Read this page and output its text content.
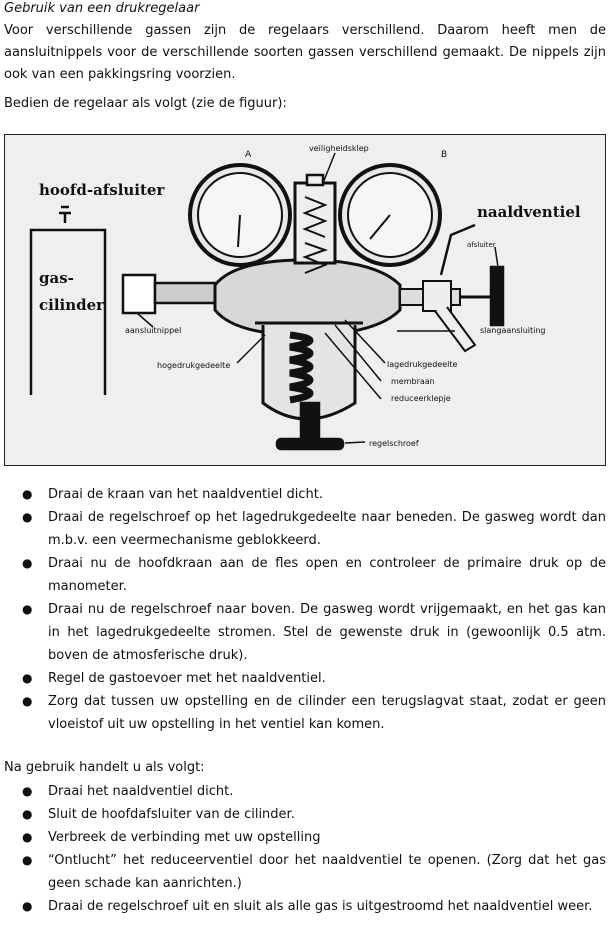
Gebruik van een drukregelaar

Voor verschillende gassen zijn de regelaars verschillend. Daarom heeft men de aansluitnippels voor de verschillende soorten gassen verschillend gemaakt. De nippels zijn ook van een pakkingsring voorzien.

Bedien de regelaar als volgt (zie de figuur):

A	B
veiligheidsklep
hoofd-afsluiter
naaldventiel
afsluiter
gas-
cilinder
aansluitnippel	slangaansluiting
hogedrukgedeelte	lagedrukgedeelte
membraan
reduceerklepje
regelschroef
● Draai de kraan van het naaldventiel dicht.
● Draai de regelschroef op het lagedrukgedeelte naar beneden. De gasweg wordt dan m.b.v. een veermechanisme geblokkeerd.
● Draai nu de hoofdkraan aan de fles open en controleer de primaire druk op de manometer.
● Draai nu de regelschroef naar boven. De gasweg wordt vrijgemaakt, en het gas kan in het lagedrukgedeelte stromen. Stel de gewenste druk in (gewoonlijk 0.5 atm. boven de atmosferische druk).
● Regel de gastoevoer met het naaldventiel.
● Zorg dat tussen uw opstelling en de cilinder een terugslagvat staat, zodat er geen vloeistof uit uw opstelling in het ventiel kan komen.

Na gebruik handelt u als volgt:

● Draai het naaldventiel dicht.
● Sluit de hoofdafsluiter van de cilinder.
● Verbreek de verbinding met uw opstelling
● “Ontlucht” het reduceerventiel door het naaldventiel te openen. (Zorg dat het gas geen schade kan aanrichten.)
● Draai de regelschroef uit en sluit als alle gas is uitgestroomd het naaldventiel weer.
